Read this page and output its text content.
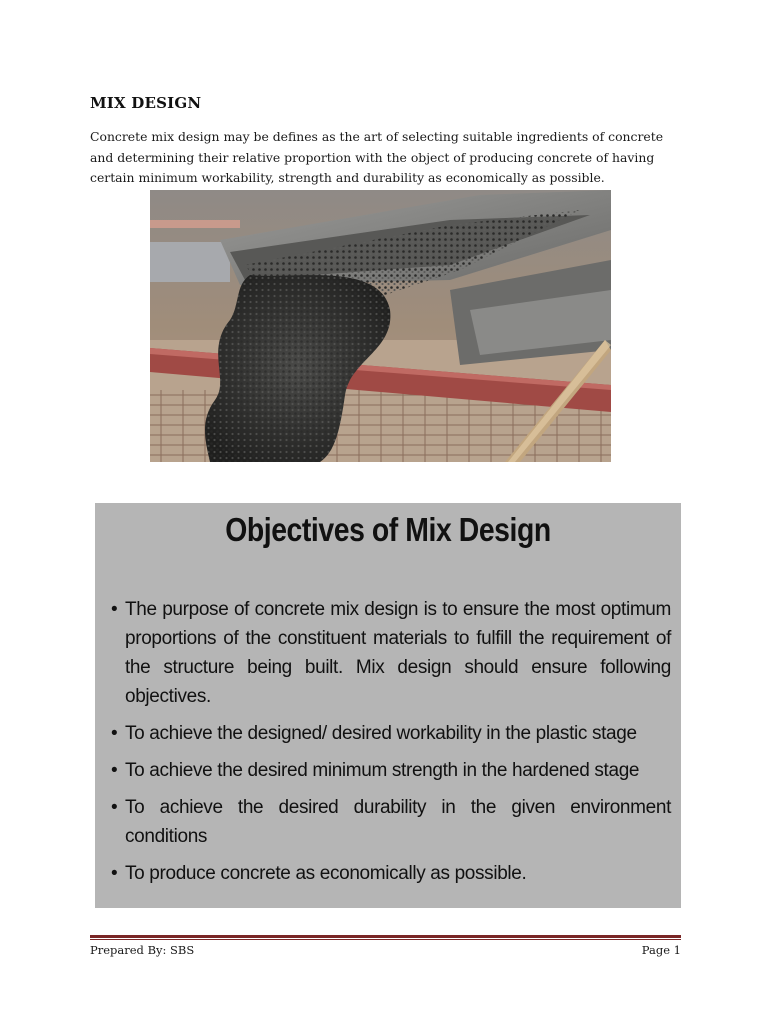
MIX DESIGN

Concrete mix design may be defines as the art of selecting suitable ingredients of concrete and determining their relative proportion with the object of producing concrete of having certain minimum workability, strength and durability as economically as possible.

Objectives of Mix Design
• The purpose of concrete mix design is to ensure the most optimum proportions of the constituent materials to fulfill the requirement of the structure being built. Mix design should ensure following objectives.
• To achieve the designed/ desired workability in the plastic stage
• To achieve the desired minimum strength in the hardened stage
• To achieve the desired durability in the given environment conditions
• To produce concrete as economically as possible.
Prepared By: SBS	Page 1
